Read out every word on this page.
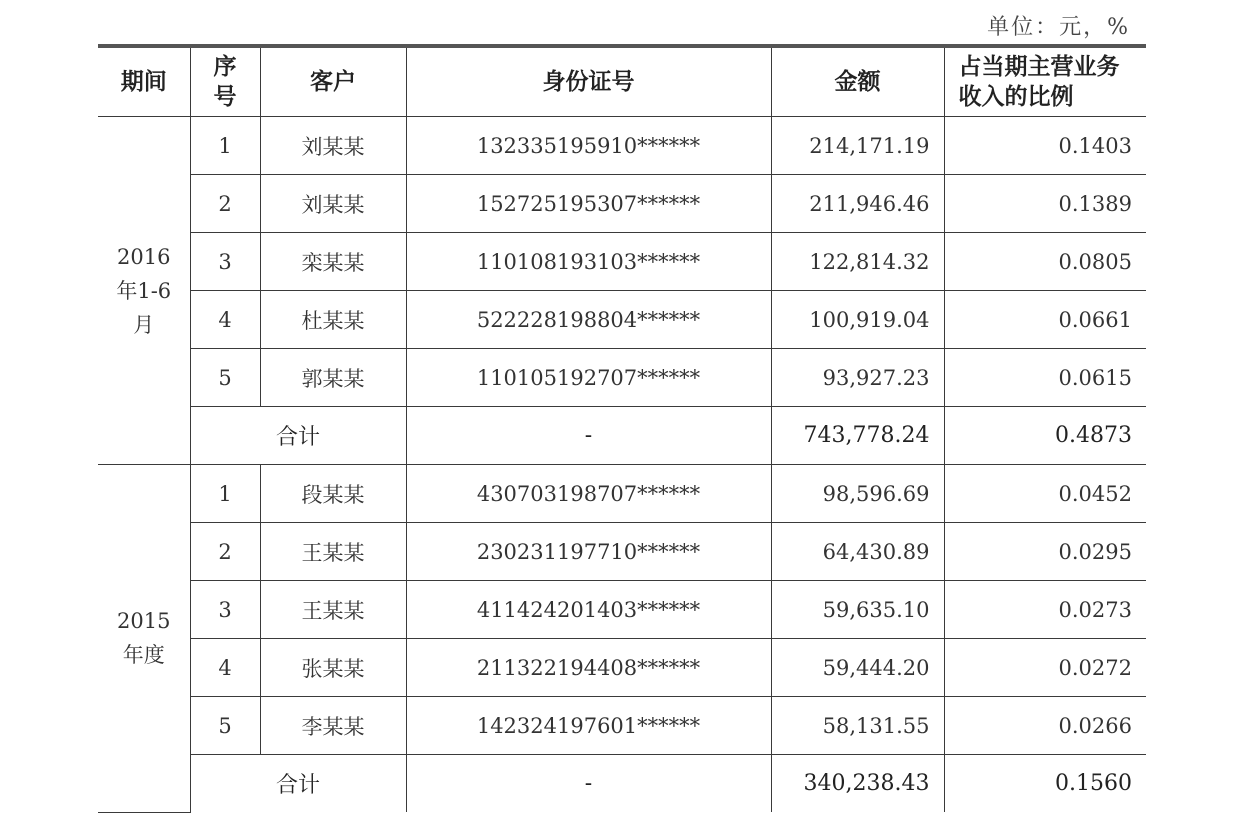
单位：元，%
期间	序号	客户	身份证号	金额	占当期主营业务收入的比例

2016年1-6月	1	刘某某	132335195910******	214,171.19	0.1403
	2	刘某某	152725195307******	211,946.46	0.1389
	3	栾某某	110108193103******	122,814.32	0.0805
	4	杜某某	522228198804******	100,919.04	0.0661
	5	郭某某	110105192707******	93,927.23	0.0615
	合计		-	743,778.24	0.4873

2015年度	1	段某某	430703198707******	98,596.69	0.0452
	2	王某某	230231197710******	64,430.89	0.0295
	3	王某某	411424201403******	59,635.10	0.0273
	4	张某某	211322194408******	59,444.20	0.0272
	5	李某某	142324197601******	58,131.55	0.0266
	合计		-	340,238.43	0.1560
